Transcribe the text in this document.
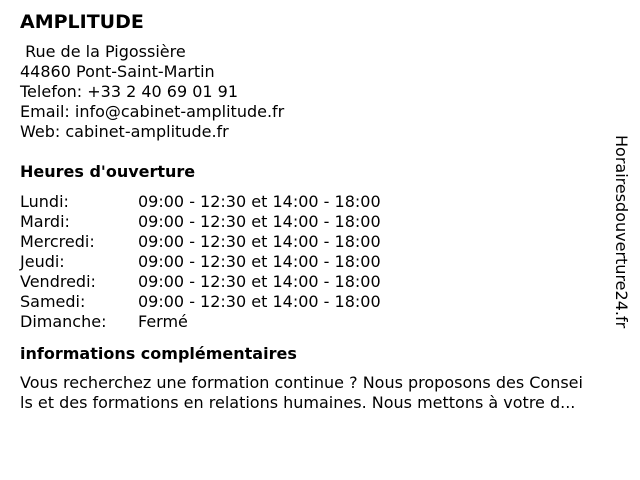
AMPLITUDE
Rue de la Pigossière
44860 Pont-Saint-Martin
Telefon: +33 2 40 69 01 91
Email: info@cabinet-amplitude.fr
Web: cabinet-amplitude.fr
Heures d'ouverture
Lundi:	09:00 - 12:30 et 14:00 - 18:00
Mardi:	09:00 - 12:30 et 14:00 - 18:00
Mercredi:	09:00 - 12:30 et 14:00 - 18:00
Jeudi:	09:00 - 12:30 et 14:00 - 18:00
Vendredi:	09:00 - 12:30 et 14:00 - 18:00
Samedi:	09:00 - 12:30 et 14:00 - 18:00
Dimanche:	Fermé
informations complémentaires
Vous recherchez une formation continue ? Nous proposons des Consei
ls et des formations en relations humaines. Nous mettons à votre d...
Horairesdouverture24.fr
